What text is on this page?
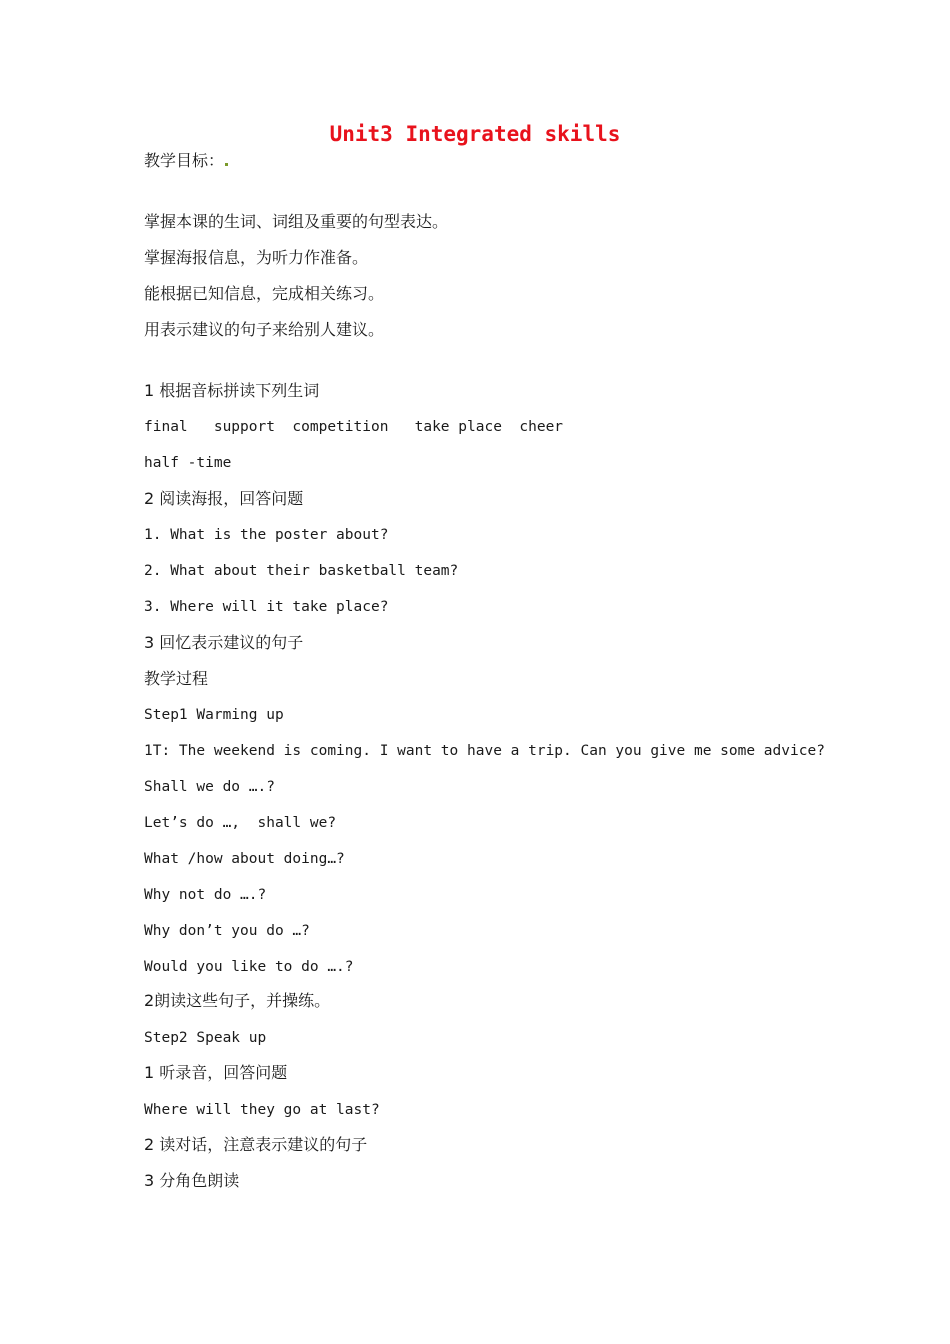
Unit3 Integrated skills
教学目标：
掌握本课的生词、词组及重要的句型表达。
掌握海报信息，为听力作准备。
能根据已知信息，完成相关练习。
用表示建议的句子来给别人建议。
1 根据音标拼读下列生词
final   support  competition   take place  cheer
half -time
2 阅读海报，回答问题
1. What is the poster about?
2. What about their basketball team?
3. Where will it take place?
3 回忆表示建议的句子
教学过程
Step1 Warming up
1T: The weekend is coming. I want to have a trip. Can you give me some advice?
Shall we do ….?
Let’s do …,  shall we?
What /how about doing…?
Why not do ….?
Why don’t you do …?
Would you like to do ….?
2朗读这些句子，并操练。
Step2 Speak up
1 听录音，回答问题
Where will they go at last?
2 读对话，注意表示建议的句子
3 分角色朗读
